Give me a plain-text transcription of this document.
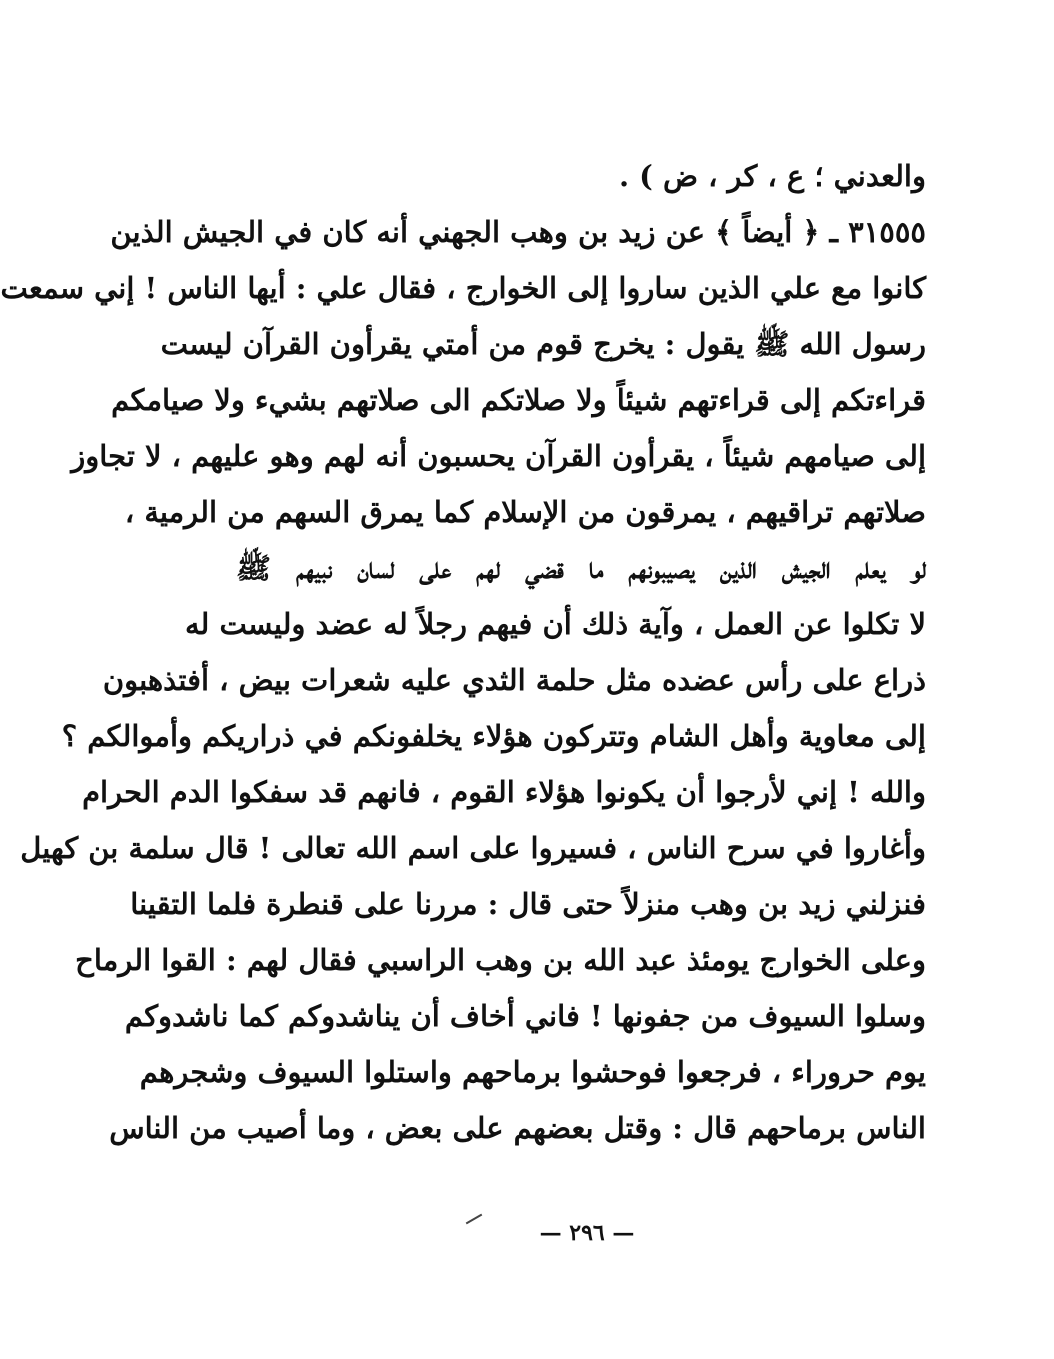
والعدني ؛ ع ، كر ، ض ) .
٣١٥٥٥ ـ ﴿ أيضاً ﴾ عن زيد بن وهب الجهني أنه كان في الجيش الذين
كانوا مع علي الذين ساروا إلى الخوارج ، فقال علي : أيها الناس ! إني سمعت
رسول الله ﷺ يقول : يخرج قوم من أمتي يقرأون القرآن ليست
قراءتكم إلى قراءتهم شيئاً ولا صلاتكم الى صلاتهم بشيء ولا صيامكم
إلى صيامهم شيئاً ، يقرأون القرآن يحسبون أنه لهم وهو عليهم ، لا تجاوز
صلاتهم تراقيهم ، يمرقون من الإسلام كما يمرق السهم من الرمية ،
لو يعلم الجيش الذين يصيبونهم ما قضي لهم على لسان نبيهم ﷺ
لا تكلوا عن العمل ، وآية ذلك أن فيهم رجلاً له عضد وليست له
ذراع على رأس عضده مثل حلمة الثدي عليه شعرات بيض ، أفتذهبون
إلى معاوية وأهل الشام وتتركون هؤلاء يخلفونكم في ذراريكم وأموالكم ؟
والله ! إني لأرجوا أن يكونوا هؤلاء القوم ، فانهم قد سفكوا الدم الحرام
وأغاروا في سرح الناس ، فسيروا على اسم الله تعالى ! قال سلمة بن كهيل
فنزلني زيد بن وهب منزلاً حتى قال : مررنا على قنطرة فلما التقينا
وعلى الخوارج يومئذ عبد الله بن وهب الراسبي فقال لهم : القوا الرماح
وسلوا السيوف من جفونها ! فاني أخاف أن يناشدوكم كما ناشدوكم
يوم حروراء ، فرجعوا فوحشوا برماحهم واستلوا السيوف وشجرهم
الناس برماحهم قال : وقتل بعضهم على بعض ، وما أصيب من الناس
— ٢٩٦ —
